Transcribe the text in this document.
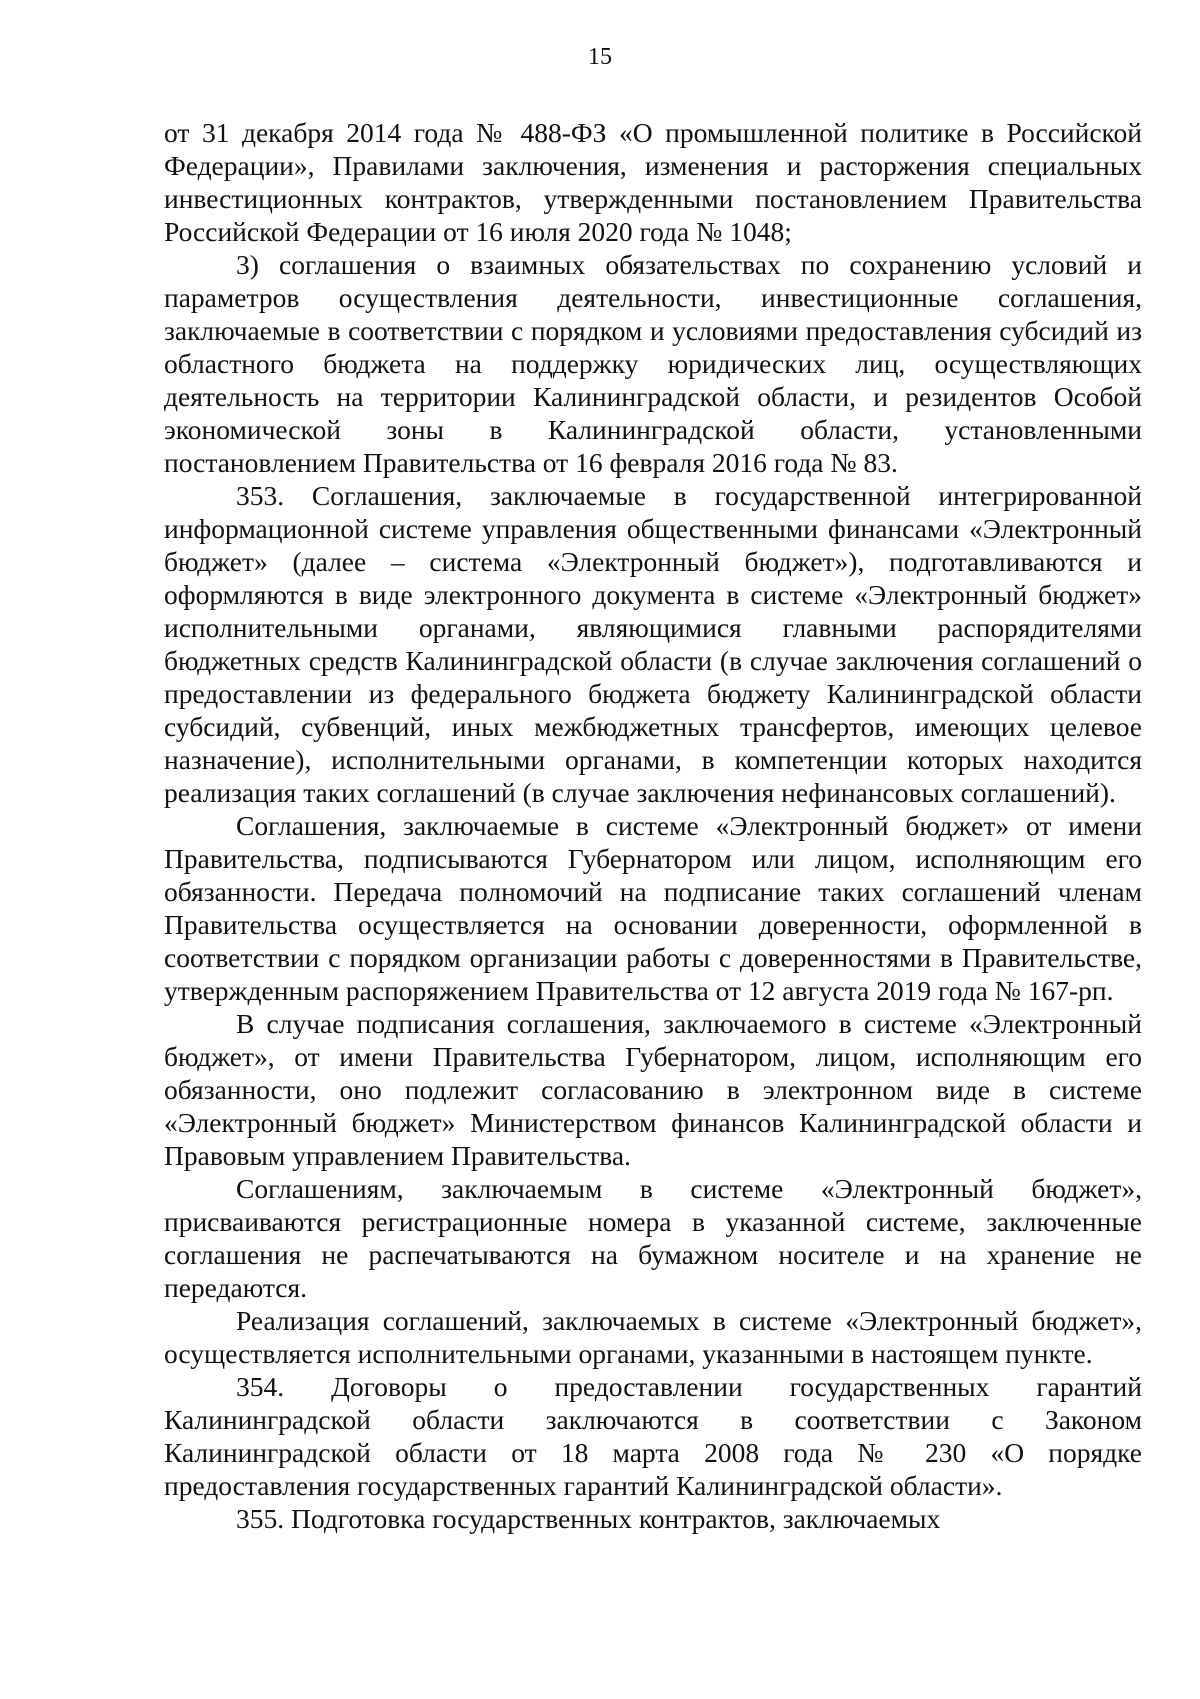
15

от 31 декабря 2014 года № 488-ФЗ «О промышленной политике в Российской Федерации», Правилами заключения, изменения и расторжения специальных инвестиционных контрактов, утвержденными постановлением Правительства Российской Федерации от 16 июля 2020 года № 1048;

3) соглашения о взаимных обязательствах по сохранению условий и параметров осуществления деятельности, инвестиционные соглашения, заключаемые в соответствии с порядком и условиями предоставления субсидий из областного бюджета на поддержку юридических лиц, осуществляющих деятельность на территории Калининградской области, и резидентов Особой экономической зоны в Калининградской области, установленными постановлением Правительства от 16 февраля 2016 года № 83.

353. Соглашения, заключаемые в государственной интегрированной информационной системе управления общественными финансами «Электронный бюджет» (далее – система «Электронный бюджет»), подготавливаются и оформляются в виде электронного документа в системе «Электронный бюджет» исполнительными органами, являющимися главными распорядителями бюджетных средств Калининградской области (в случае заключения соглашений о предоставлении из федерального бюджета бюджету Калининградской области субсидий, субвенций, иных межбюджетных трансфертов, имеющих целевое назначение), исполнительными органами, в компетенции которых находится реализация таких соглашений (в случае заключения нефинансовых соглашений).

Соглашения, заключаемые в системе «Электронный бюджет» от имени Правительства, подписываются Губернатором или лицом, исполняющим его обязанности. Передача полномочий на подписание таких соглашений членам Правительства осуществляется на основании доверенности, оформленной в соответствии с порядком организации работы с доверенностями в Правительстве, утвержденным распоряжением Правительства от 12 августа 2019 года № 167-рп.

В случае подписания соглашения, заключаемого в системе «Электронный бюджет», от имени Правительства Губернатором, лицом, исполняющим его обязанности, оно подлежит согласованию в электронном виде в системе «Электронный бюджет» Министерством финансов Калининградской области и Правовым управлением Правительства.

Соглашениям, заключаемым в системе «Электронный бюджет», присваиваются регистрационные номера в указанной системе, заключенные соглашения не распечатываются на бумажном носителе и на хранение не передаются.

Реализация соглашений, заключаемых в системе «Электронный бюджет», осуществляется исполнительными органами, указанными в настоящем пункте.

354. Договоры о предоставлении государственных гарантий Калининградской области заключаются в соответствии с Законом Калининградской области от 18 марта 2008 года № 230 «О порядке предоставления государственных гарантий Калининградской области».

355. Подготовка государственных контрактов, заключаемых
